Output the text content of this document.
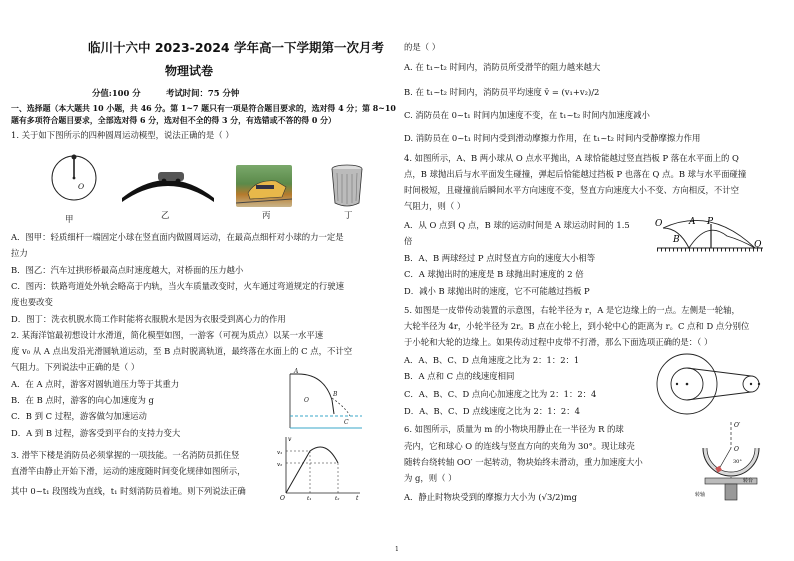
临川十六中 2023-2024 学年高一下学期第一次月考
物理试卷
分值:100 分	考试时间：75 分钟
一、选择题（本大题共 10 小题，共 46 分。第 1~7 题只有一项是符合题目要求的，选对得 4 分；第 8~10
题有多项符合题目要求，全部选对得 6 分，选对但不全的得 3 分，有选错或不答的得 0 分）
1. 关于如下图所示的四种圆周运动模型，说法正确的是（ ）
O
甲	乙	丙	丁
A．图甲：轻质细杆一端固定小球在竖直面内做圆周运动，在最高点细杆对小球的力一定是
拉力
B．图乙：汽车过拱形桥最高点时速度越大，对桥面的压力越小
C．图丙：铁路弯道处外轨会略高于内轨，当火车质量改变时，火车通过弯道规定的行驶速
度也要改变
D．图丁：洗衣机脱水筒工作时能将衣服脱水是因为衣服受到离心力的作用
2. 某海洋馆最初想设计水滑道，简化模型如图，一游客（可视为质点）以某一水平速
度 v₀ 从 A 点出发沿光滑圆轨道运动，至 B 点时脱离轨道，最终落在水面上的 C 点，不计空
气阻力。下列说法中正确的是（ ）
A．在 A 点时，游客对圆轨道压力等于其重力
B．在 B 点时，游客的向心加速度为 g
C．B 到 C 过程，游客做匀加速运动
D．A 到 B 过程，游客受到平台的支持力变大
A
B
C
O
3. 滑竿下楼是消防员必须掌握的一项技能。一名消防员抓住竖
直滑竿由静止开始下滑，运动的速度随时间变化规律如图所示，
其中 0~t₁ 段图线为直线，t₁ 时刻消防员着地。则下列说法正确
v
v₁
v₂
O	t₁	t₂	t
的是（ ）
A. 在 t₁~t₂ 时间内，消防员所受滑竿的阻力越来越大
B. 在 t₁~t₂ 时间内，消防员平均速度 v̄ = (v₁+v₂)/2
C. 消防员在 0~t₁ 时间内加速度不变，在 t₁~t₂ 时间内加速度减小
D. 消防员在 0~t₁ 时间内受到滑动摩擦力作用，在 t₁~t₂ 时间内受静摩擦力作用
4. 如图所示，A、B 两小球从 O 点水平抛出，A 球恰能越过竖直挡板 P 落在水平面上的 Q
点，B 球抛出后与水平面发生碰撞，弹起后恰能越过挡板 P 也落在 Q 点。B 球与水平面碰撞
时间极短，且碰撞前后瞬间水平方向速度不变，竖直方向速度大小不变、方向相反，不计空
气阻力，则（ ）
A．从 O 点到 Q 点，B 球的运动时间是 A 球运动时间的 1.5
倍
B．A、B 两球经过 P 点时竖直方向的速度大小相等
C．A 球抛出时的速度是 B 球抛出时速度的 2 倍
D．减小 B 球抛出时的速度，它不可能越过挡板 P
A P
O
B	Q
5. 如图是一皮带传动装置的示意图，右轮半径为 r，A 是它边缘上的一点。左侧是一轮轴，
大轮半径为 4r，小轮半径为 2r。B 点在小轮上，到小轮中心的距离为 r。C 点和 D 点分别位
于小轮和大轮的边缘上。如果传动过程中皮带不打滑，那么下面选项正确的是：（ ）
A．A、B、C、D 点角速度之比为 2：1：2：1
B．A 点和 C 点的线速度相同
C．A、B、C、D 点向心加速度之比为 2：1：2：4
D．A、B、C、D 点线速度之比为 2：1：2：4
6. 如图所示，质量为 m 的小物块用静止在一半径为 R 的球
壳内，它和球心 O 的连线与竖直方向的夹角为 30°。现让球壳
随转台绕转轴 OO′ 一起转动，物块始终未滑动，重力加速度大小
为 g，则（ ）
A．静止时物块受到的摩擦力大小为 (√3/2)mg
O′
O
30°
转台
转轴
1
